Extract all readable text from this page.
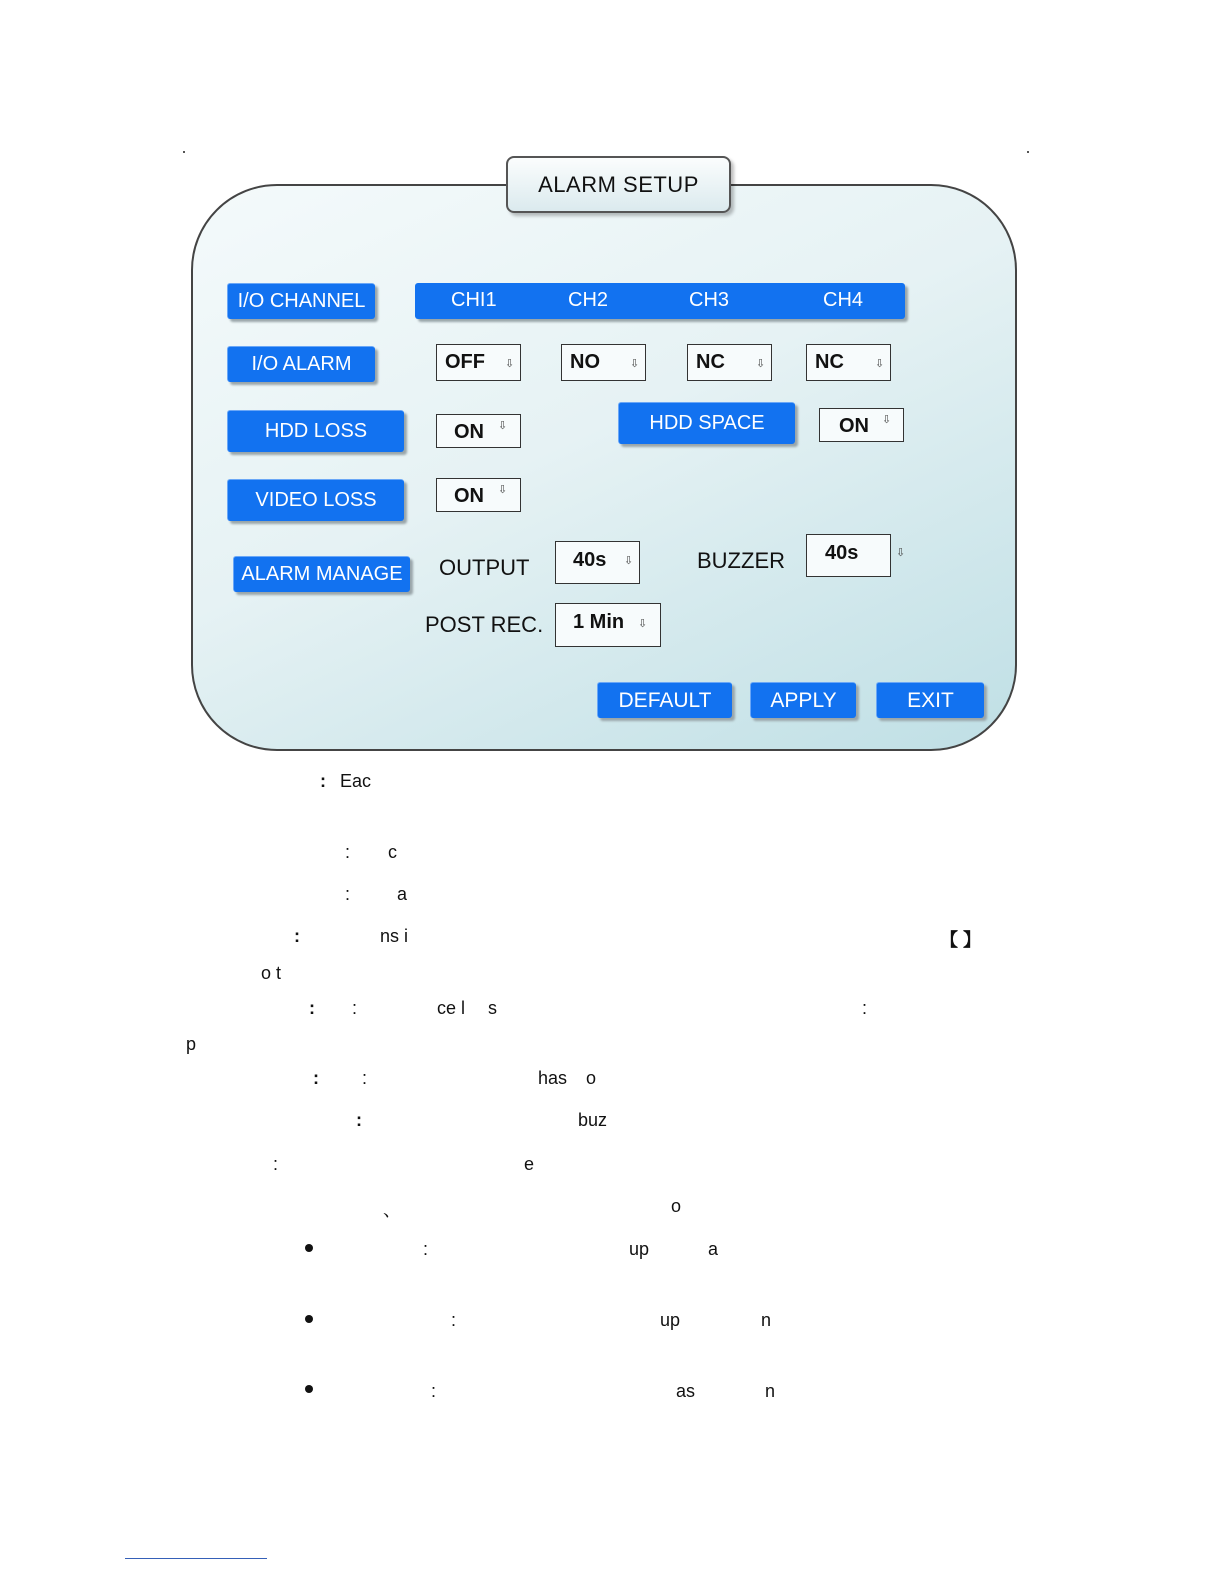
ALARM SETUP
I/O CHANNEL	CHI1	CH2	CH3	CH4
I/O ALARM	OFF ⇩	NO	⇩	NC	⇩ NC	⇩
HDD LOSS	ON ⇩	HDD SPACE	ON ⇩
VIDEO LOSS	ON ⇩
ALARM MANAGE	OUTPUT 40s ⇩	BUZZER 40s	⇩
POST REC. 1 Min ⇩
DEFAULT	APPLY	EXIT
: Eac
: c
:	a
:	ns i	【 】
o t
: :	ce l s	:
p
: :	has o
:	buz
:	e
、	o
:	up	a
:	up	n
:	as	n
